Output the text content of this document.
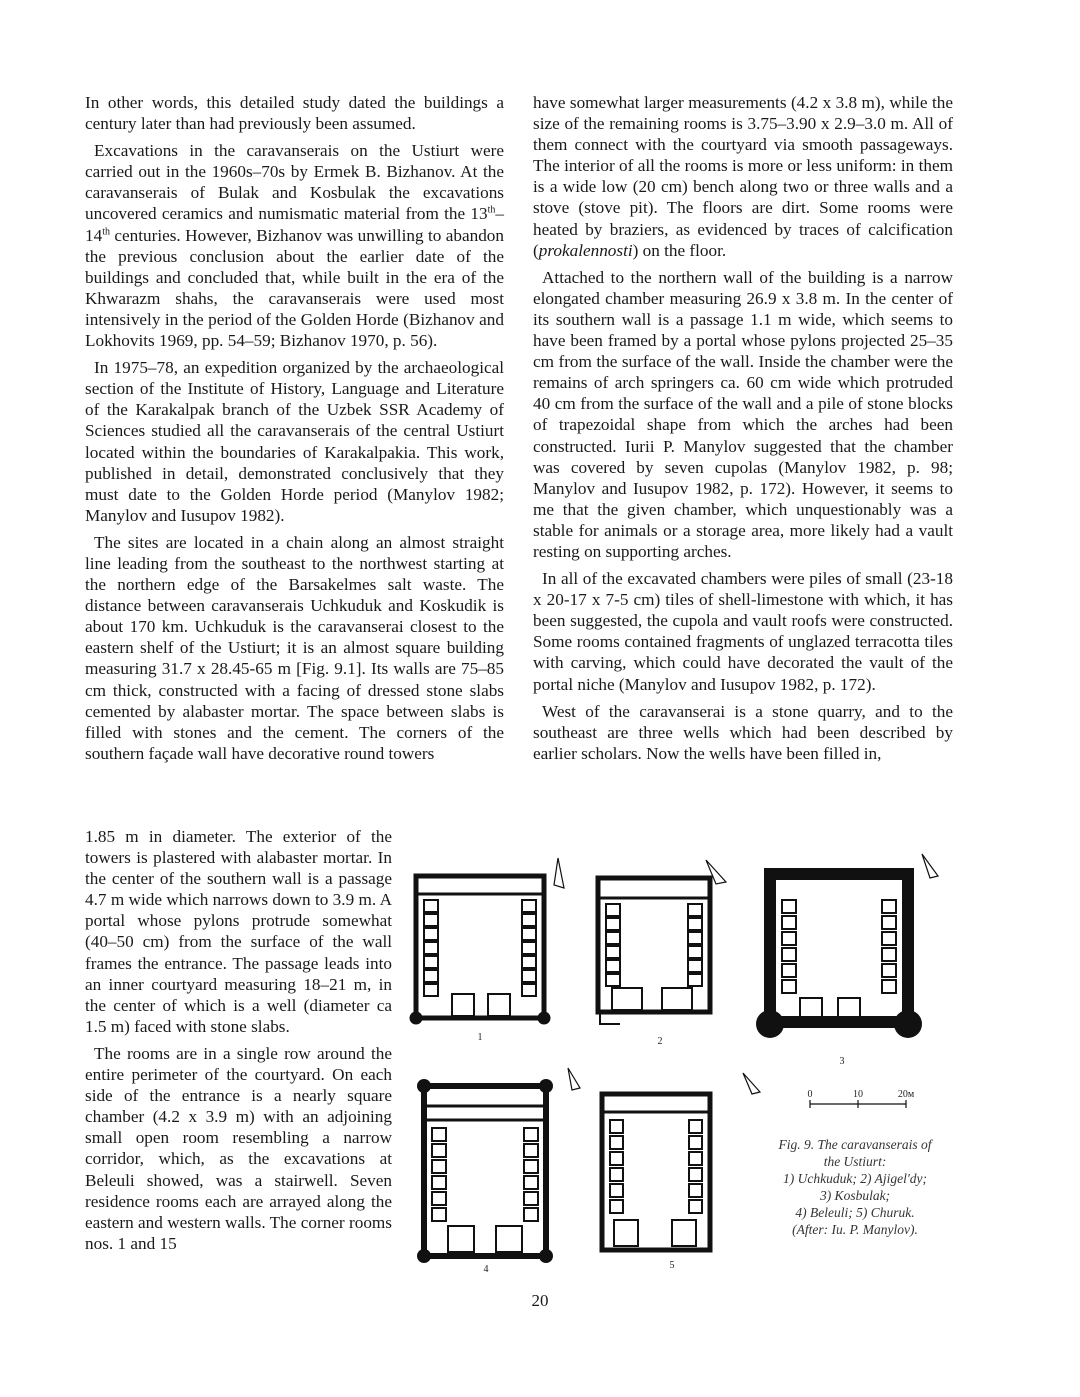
In other words, this detailed study dated the buildings a century later than had previously been assumed.

Excavations in the caravanserais on the Ustiurt were carried out in the 1960s–70s by Ermek B. Bizhanov. At the caravanserais of Bulak and Kosbulak the excavations uncovered ceramics and numismatic material from the 13th–14th centuries. However, Bizhanov was unwilling to abandon the previous conclusion about the earlier date of the buildings and concluded that, while built in the era of the Khwarazm shahs, the caravanserais were used most intensively in the period of the Golden Horde (Bizhanov and Lokhovits 1969, pp. 54–59; Bizhanov 1970, p. 56).

In 1975–78, an expedition organized by the archaeological section of the Institute of History, Language and Literature of the Karakalpak branch of the Uzbek SSR Academy of Sciences studied all the caravanserais of the central Ustiurt located within the boundaries of Karakalpakia. This work, published in detail, demonstrated conclusively that they must date to the Golden Horde period (Manylov 1982; Manylov and Iusupov 1982).

The sites are located in a chain along an almost straight line leading from the southeast to the northwest starting at the northern edge of the Barsakelmes salt waste. The distance between caravanserais Uchkuduk and Koskudik is about 170 km. Uchkuduk is the caravanserai closest to the eastern shelf of the Ustiurt; it is an almost square building measuring 31.7 x 28.45-65 m [Fig. 9.1]. Its walls are 75–85 cm thick, constructed with a facing of dressed stone slabs cemented by alabaster mortar. The space between slabs is filled with stones and the cement. The corners of the southern façade wall have decorative round towers

1.85 m in diameter. The exterior of the towers is plastered with alabaster mortar. In the center of the southern wall is a passage 4.7 m wide which narrows down to 3.9 m. A portal whose pylons protrude somewhat (40–50 cm) from the surface of the wall frames the entrance. The passage leads into an inner courtyard measuring 18–21 m, in the center of which is a well (diameter ca 1.5 m) faced with stone slabs.

The rooms are in a single row around the entire perimeter of the courtyard. On each side of the entrance is a nearly square chamber (4.2 x 3.9 m) with an adjoining small open room resembling a narrow corridor, which, as the excavations at Beleuli showed, was a stairwell. Seven residence rooms each are arrayed along the eastern and western walls. The corner rooms nos. 1 and 15

have somewhat larger measurements (4.2 x 3.8 m), while the size of the remaining rooms is 3.75–3.90 x 2.9–3.0 m. All of them connect with the courtyard via smooth passageways. The interior of all the rooms is more or less uniform: in them is a wide low (20 cm) bench along two or three walls and a stove (stove pit). The floors are dirt. Some rooms were heated by braziers, as evidenced by traces of calcification (prokalennosti) on the floor.

Attached to the northern wall of the building is a narrow elongated chamber measuring 26.9 x 3.8 m. In the center of its southern wall is a passage 1.1 m wide, which seems to have been framed by a portal whose pylons projected 25–35 cm from the surface of the wall. Inside the chamber were the remains of arch springers ca. 60 cm wide which protruded 40 cm from the surface of the wall and a pile of stone blocks of trapezoidal shape from which the arches had been constructed. Iurii P. Manylov suggested that the chamber was covered by seven cupolas (Manylov 1982, p. 98; Manylov and Iusupov 1982, p. 172). However, it seems to me that the given chamber, which unquestionably was a stable for animals or a storage area, more likely had a vault resting on supporting arches.

In all of the excavated chambers were piles of small (23-18 x 20-17 x 7-5 cm) tiles of shell-limestone with which, it has been suggested, the cupola and vault roofs were constructed. Some rooms contained fragments of unglazed terracotta tiles with carving, which could have decorated the vault of the portal niche (Manylov and Iusupov 1982, p. 172).

West of the caravanserai is a stone quarry, and to the southeast are three wells which had been described by earlier scholars. Now the wells have been filled in,

1	2
3
4	5
0	10	20м
Fig. 9. The caravanserais of
the Ustiurt:
1) Uchkuduk; 2) Ajigel'dy;
3) Kosbulak;
4) Beleuli; 5) Churuk.
(After: Iu. P. Manylov).
20
